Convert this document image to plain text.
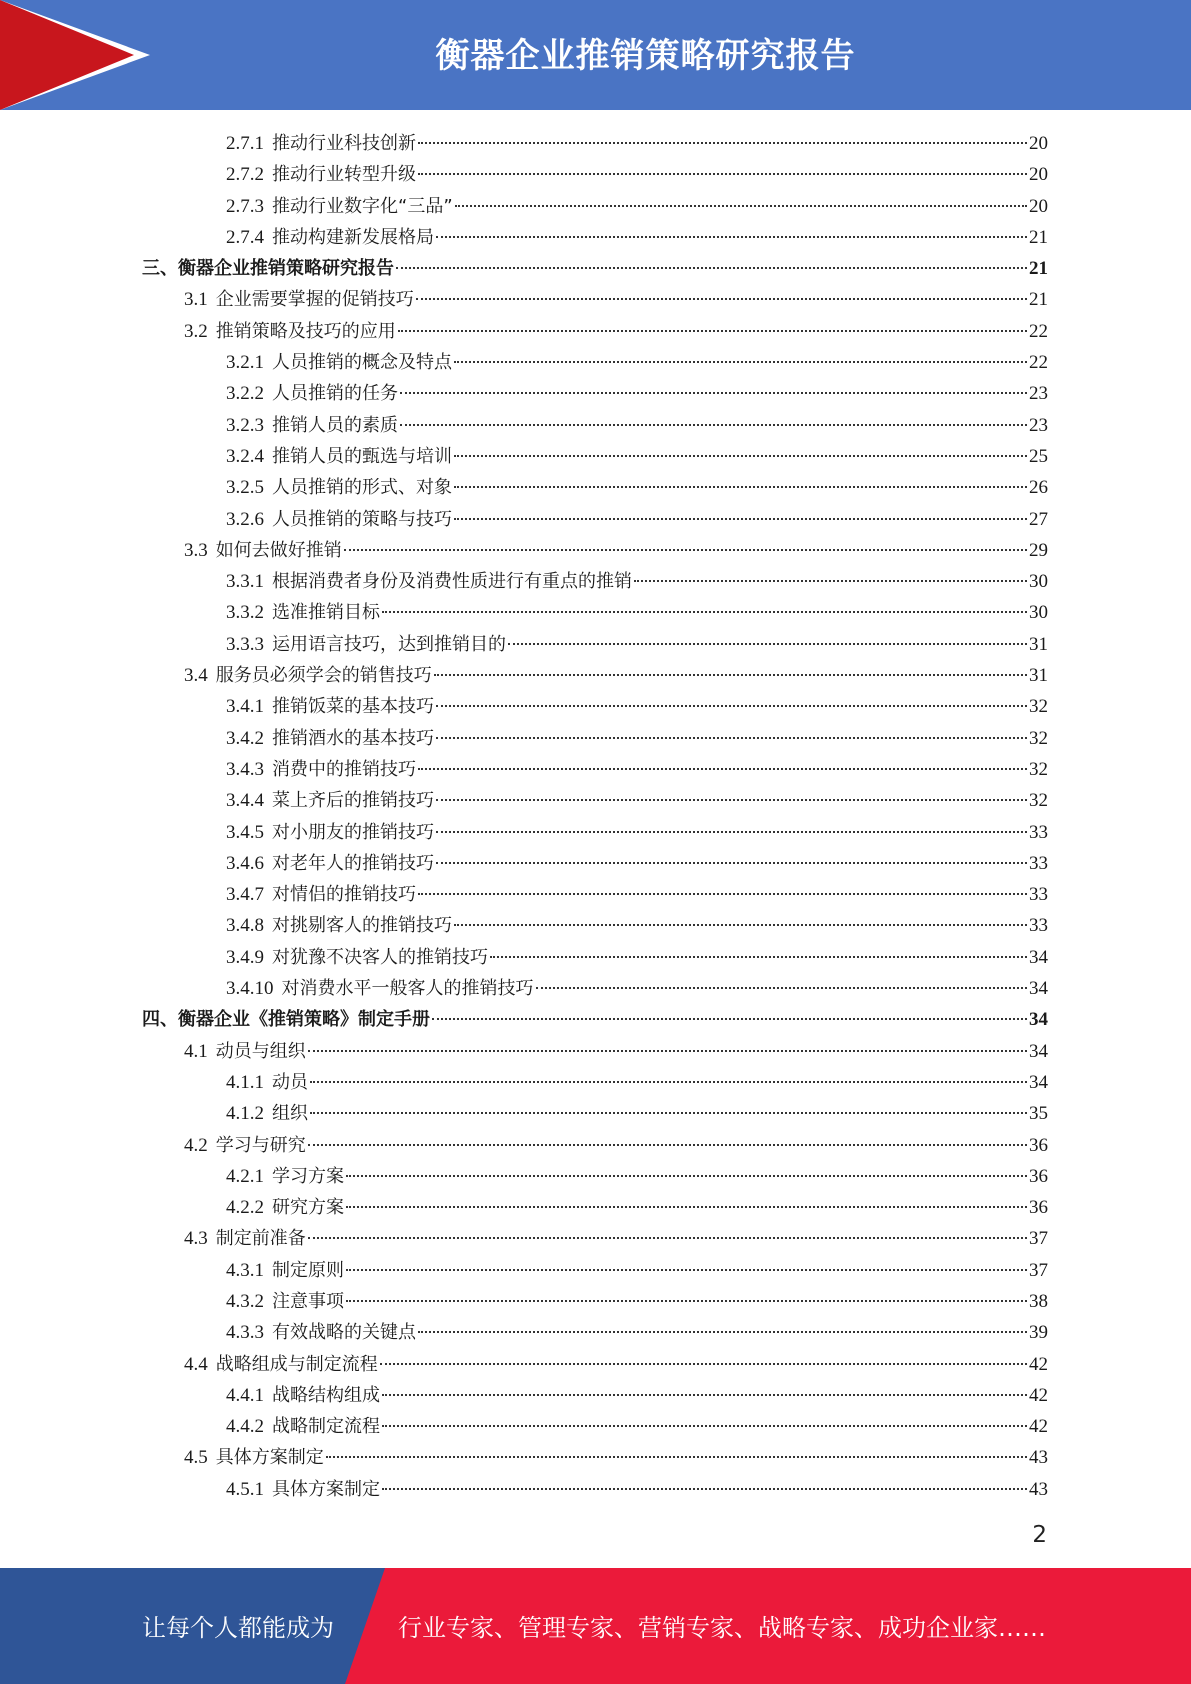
衡器企业推销策略研究报告
2.7.1 推动行业科技创新	20
2.7.2 推动行业转型升级	20
2.7.3 推动行业数字化“三品”	20
2.7.4 推动构建新发展格局	21
三、衡器企业推销策略研究报告	21
3.1 企业需要掌握的促销技巧	21
3.2 推销策略及技巧的应用	22
3.2.1 人员推销的概念及特点	22
3.2.2 人员推销的任务	23
3.2.3 推销人员的素质	23
3.2.4 推销人员的甄选与培训	25
3.2.5 人员推销的形式、对象	26
3.2.6 人员推销的策略与技巧	27
3.3 如何去做好推销	29
3.3.1 根据消费者身份及消费性质进行有重点的推销	30
3.3.2 选准推销目标	30
3.3.3 运用语言技巧，达到推销目的	31
3.4 服务员必须学会的销售技巧	31
3.4.1 推销饭菜的基本技巧	32
3.4.2 推销酒水的基本技巧	32
3.4.3 消费中的推销技巧	32
3.4.4 菜上齐后的推销技巧	32
3.4.5 对小朋友的推销技巧	33
3.4.6 对老年人的推销技巧	33
3.4.7 对情侣的推销技巧	33
3.4.8 对挑剔客人的推销技巧	33
3.4.9 对犹豫不决客人的推销技巧	34
3.4.10 对消费水平一般客人的推销技巧	34
四、衡器企业《推销策略》制定手册	34
4.1 动员与组织	34
4.1.1 动员	34
4.1.2 组织	35
4.2 学习与研究	36
4.2.1 学习方案	36
4.2.2 研究方案	36
4.3 制定前准备	37
4.3.1 制定原则	37
4.3.2 注意事项	38
4.3.3 有效战略的关键点	39
4.4 战略组成与制定流程	42
4.4.1 战略结构组成	42
4.4.2 战略制定流程	42
4.5 具体方案制定	43
4.5.1 具体方案制定	43
2
让每个人都能成为	行业专家、管理专家、营销专家、战略专家、成功企业家……
